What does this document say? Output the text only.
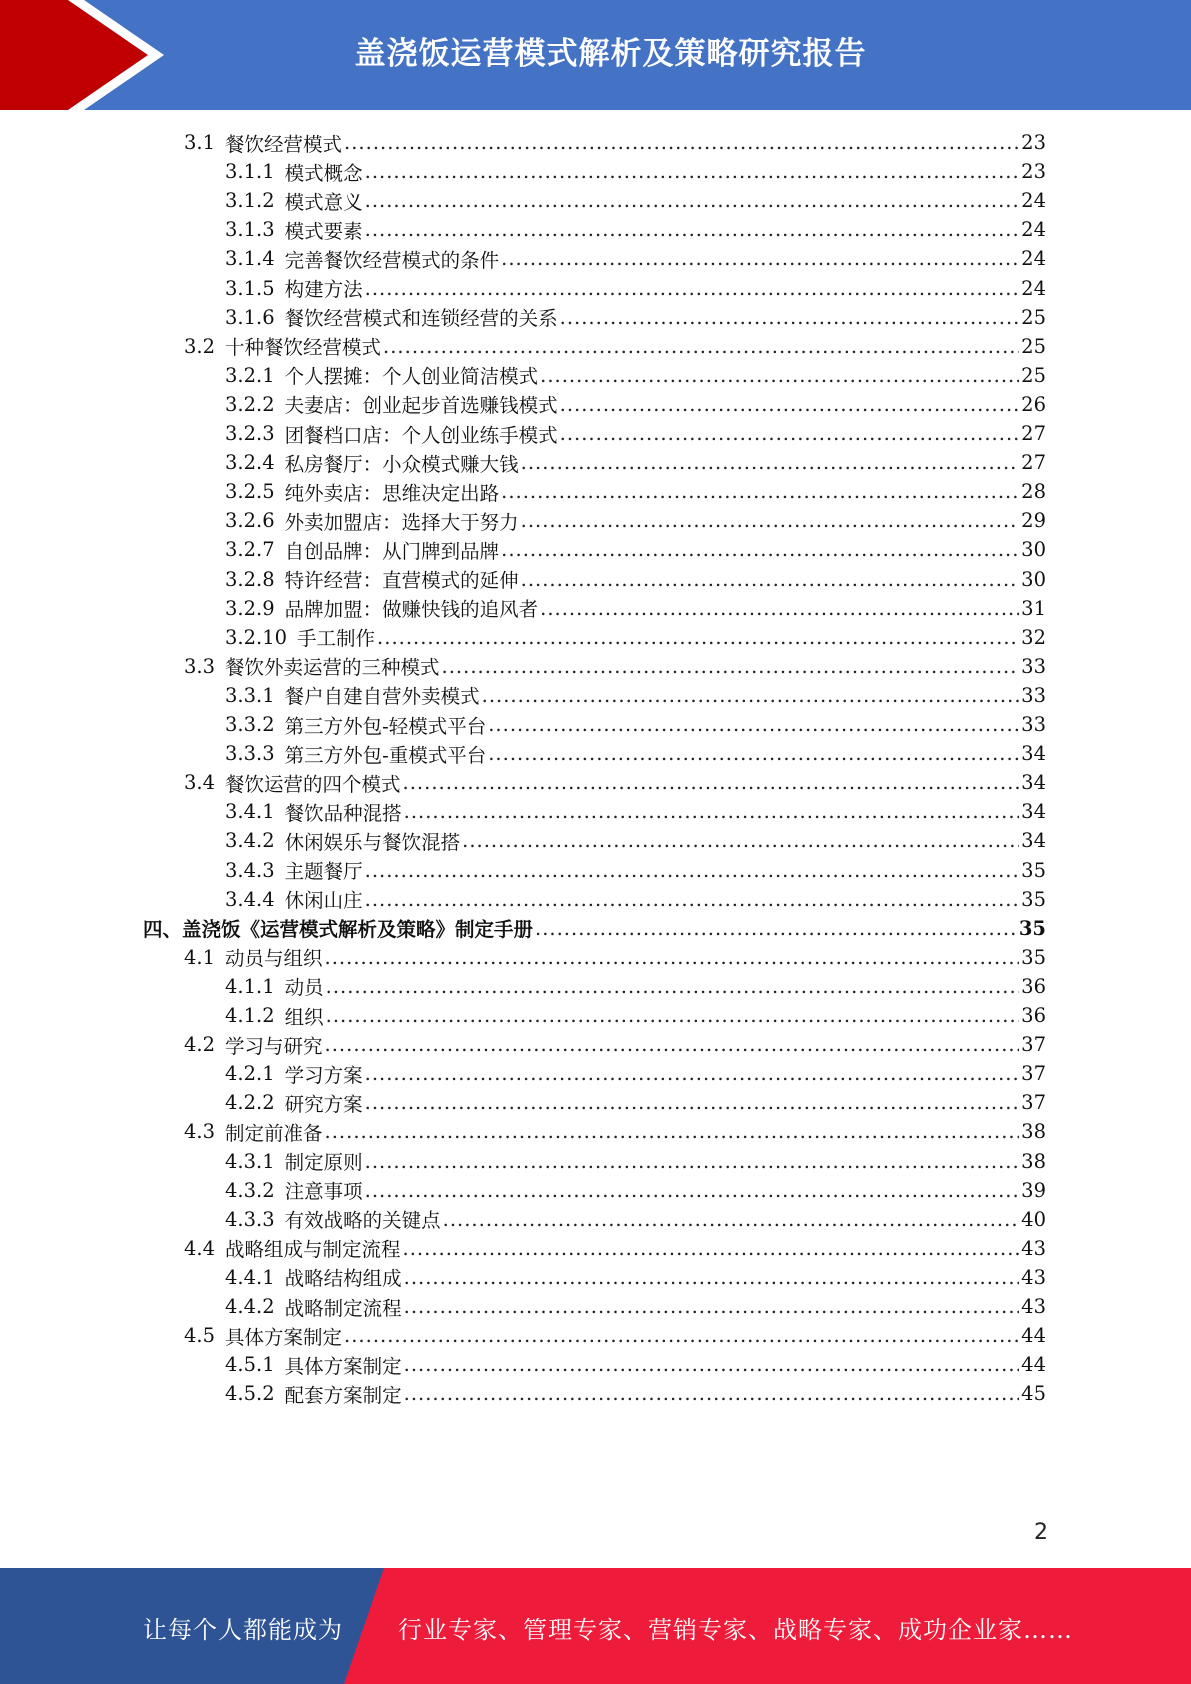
盖浇饭运营模式解析及策略研究报告
3.1 餐饮经营模式 .....	23
3.1.1 模式概念 .....	23
3.1.2 模式意义 .....	24
3.1.3 模式要素 .....	24
3.1.4 完善餐饮经营模式的条件 .....	24
3.1.5 构建方法 .....	24
3.1.6 餐饮经营模式和连锁经营的关系 .....	25
3.2 十种餐饮经营模式 .....	25
3.2.1 个人摆摊：个人创业简洁模式 .....	25
3.2.2 夫妻店：创业起步首选赚钱模式 .....	26
3.2.3 团餐档口店：个人创业练手模式 .....	27
3.2.4 私房餐厅：小众模式赚大钱 .....	27
3.2.5 纯外卖店：思维决定出路 .....	28
3.2.6 外卖加盟店：选择大于努力 .....	29
3.2.7 自创品牌：从门牌到品牌 .....	30
3.2.8 特许经营：直营模式的延伸 .....	30
3.2.9 品牌加盟：做赚快钱的追风者 .....	31
3.2.10 手工制作 .....	32
3.3 餐饮外卖运营的三种模式 .....	33
3.3.1 餐户自建自营外卖模式 .....	33
3.3.2 第三方外包-轻模式平台 .....	33
3.3.3 第三方外包-重模式平台 .....	34
3.4 餐饮运营的四个模式 .....	34
3.4.1 餐饮品种混搭 .....	34
3.4.2 休闲娱乐与餐饮混搭 .....	34
3.4.3 主题餐厅 .....	35
3.4.4 休闲山庄 .....	35
四、盖浇饭《运营模式解析及策略》制定手册 .....	35
4.1 动员与组织 .....	35
4.1.1 动员 .....	36
4.1.2 组织 .....	36
4.2 学习与研究 .....	37
4.2.1 学习方案 .....	37
4.2.2 研究方案 .....	37
4.3 制定前准备 .....	38
4.3.1 制定原则 .....	38
4.3.2 注意事项 .....	39
4.3.3 有效战略的关键点 .....	40
4.4 战略组成与制定流程 .....	43
4.4.1 战略结构组成 .....	43
4.4.2 战略制定流程 .....	43
4.5 具体方案制定 .....	44
4.5.1 具体方案制定 .....	44
4.5.2 配套方案制定 .....	45
2
让每个人都能成为 行业专家、管理专家、营销专家、战略专家、成功企业家……
